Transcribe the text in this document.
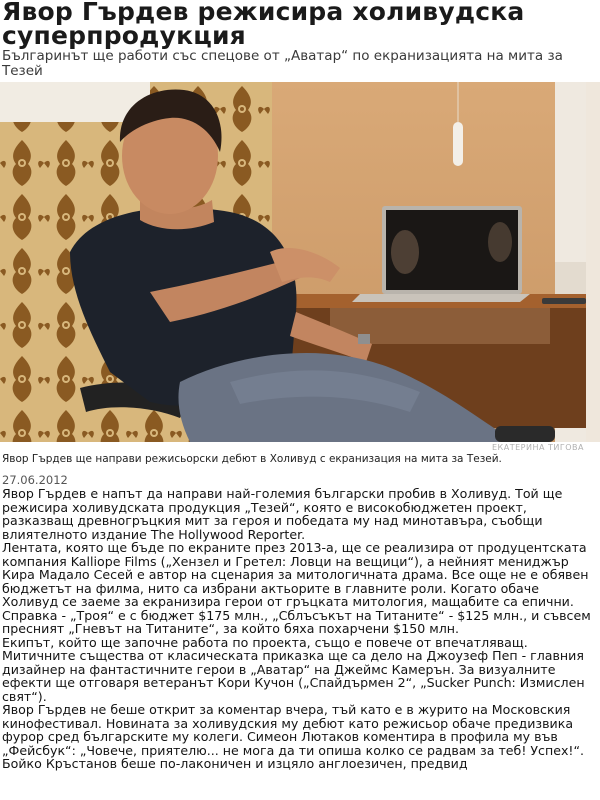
Явор Гърдев режисира холивудска суперпродукция

Българинът ще работи със спецове от „Аватар“ по екранизацията на мита за Тезей

ЕКАТЕРИНА ТИГОВА
Явор Гърдев ще направи режисьорски дебют в Холивуд с екранизация на мита за Тезей.
27.06.2012

Явор Гърдев е напът да направи най-големия български пробив в Холивуд. Той ще режисира холивудската продукция „Тезей“, която е високобюджетен проект, разказващ древногръцкия мит за героя и победата му над минотавъра, съобщи влиятелното издание The Hollywood Reporter.

Лентата, която ще бъде по екраните през 2013-а, ще се реализира от продуцентската компания Kalliope Films („Хензел и Гретел: Ловци на вещици“), а нейният мениджър Кира Мадало Сесей е автор на сценария за митологичната драма. Все още не е обявен бюджетът на филма, нито са избрани актьорите в главните роли. Когато обаче Холивуд се заеме за екранизира герои от гръцката митология, мащабите са епични. Справка - „Троя“ е с бюджет $175 млн., „Сблъсъкът на Титаните“ - $125 млн., и съвсем пресният „Гневът на Титаните“, за който бяха похарчени $150 млн.

Екипът, който ще започне работа по проекта, също е повече от впечатляващ. Митичните същества от класическата приказка ще са дело на Джоузеф Пеп - главния дизайнер на фантастичните герои в „Аватар“ на Джеймс Камерън. За визуалните ефекти ще отговаря ветеранът Кори Кучон („Спайдърмен 2“, „Sucker Punch: Измислен свят“).

Явор Гърдев не беше открит за коментар вчера, тъй като е в журито на Московския кинофестивал. Новината за холивудския му дебют като режисьор обаче предизвика фурор сред българските му колеги. Симеон Лютаков коментира в профила му във „Фейсбук“: „Човече, приятелю... не мога да ти опиша колко се радвам за теб! Успех!“. Бойко Кръстанов беше по-лаконичен и изцяло англоезичен, предвид
